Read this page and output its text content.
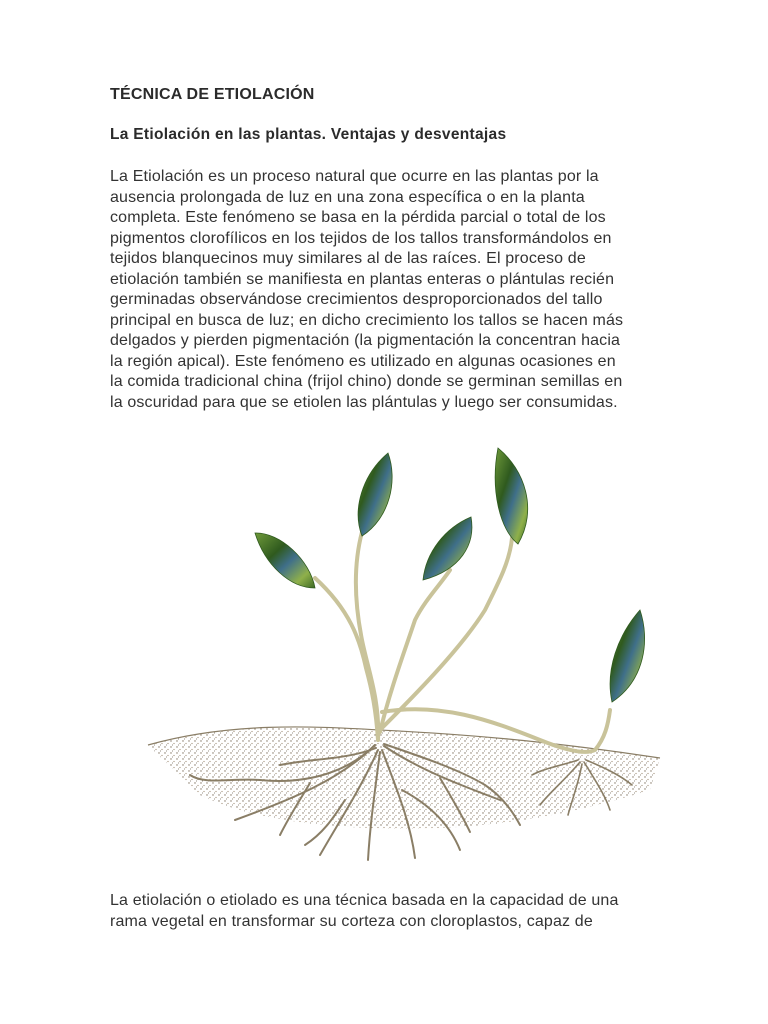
TÉCNICA DE ETIOLACIÓN
La Etiolación en las plantas. Ventajas y desventajas
La Etiolación es un proceso natural que ocurre en las plantas por la
ausencia prolongada de luz en una zona específica o en la planta
completa. Este fenómeno se basa en la pérdida parcial o total de los
pigmentos clorofílicos en los tejidos de los tallos transformándolos en
tejidos blanquecinos muy similares al de las raíces. El proceso de
etiolación también se manifiesta en plantas enteras o plántulas recién
germinadas observándose crecimientos desproporcionados del tallo
principal en busca de luz; en dicho crecimiento los tallos se hacen más
delgados y pierden pigmentación (la pigmentación la concentran hacia
la región apical). Este fenómeno es utilizado en algunas ocasiones en
la comida tradicional china (frijol chino) donde se germinan semillas en
la oscuridad para que se etiolen las plántulas y luego ser consumidas.
La etiolación o etiolado es una técnica basada en la capacidad de una
rama vegetal en transformar su corteza con cloroplastos, capaz de
